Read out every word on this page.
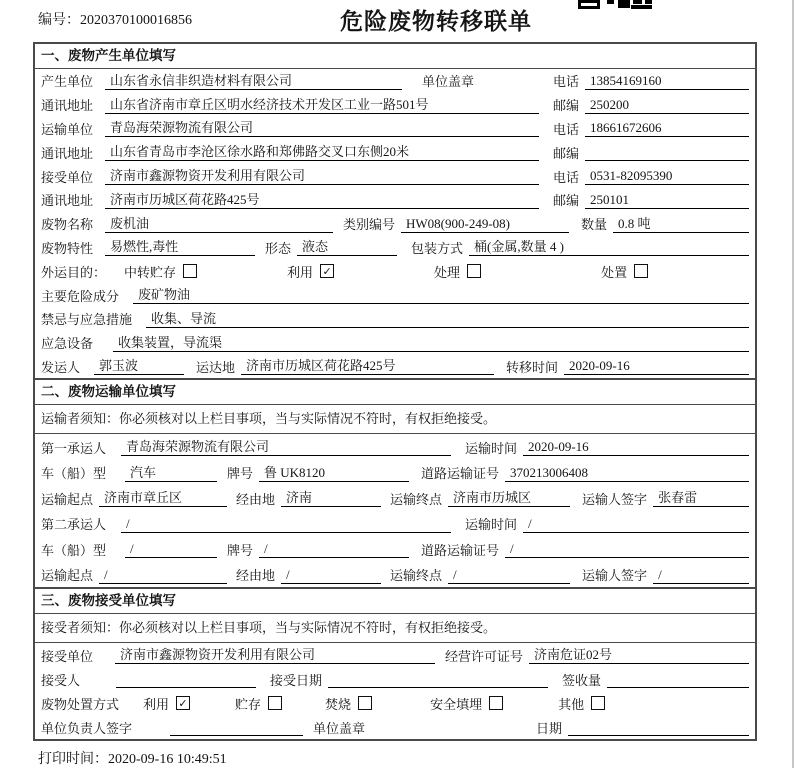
编号：2020370100016856	危险废物转移联单
一、废物产生单位填写
产生单位	山东省永信非织造材料有限公司	单位盖章	电话 13854169160
通讯地址	山东省济南市章丘区明水经济技术开发区工业一路501号	邮编 250200
运输单位	青岛海荣源物流有限公司	电话 18661672606
通讯地址	山东省青岛市李沧区徐水路和郑佛路交叉口东侧20米	邮编
接受单位	济南市鑫源物资开发利用有限公司	电话 0531-82095390
通讯地址	济南市历城区荷花路425号	邮编 250101
废物名称	废机油	类别编号 HW08(900-249-08)	数量 0.8 吨
废物特性	易燃性,毒性	形态 液态	包装方式 桶(金属,数量 4 )
外运目的： 中转贮存	利用 ✓	处理	处置
主要危险成分	废矿物油
禁忌与应急措施	收集、导流
应急设备	收集装置，导流渠
发运人	郭玉波	运达地 济南市历城区荷花路425号	转移时间 2020-09-16
二、废物运输单位填写
运输者须知：你必须核对以上栏目事项，当与实际情况不符时，有权拒绝接受。
第一承运人	青岛海荣源物流有限公司	运输时间 2020-09-16
车（船）型	汽车	牌号 鲁 UK8120	道路运输证号 370213006408
运输起点 济南市章丘区	经由地 济南	运输终点 济南市历城区	运输人签字 张春雷
第二承运人	/	运输时间 /
车（船）型	/	牌号 /	道路运输证号 /
运输起点 /	经由地 /	运输终点 /	运输人签字 /
三、废物接受单位填写
接受者须知：你必须核对以上栏目事项，当与实际情况不符时，有权拒绝接受。
接受单位	济南市鑫源物资开发利用有限公司	经营许可证号 济南危证02号
接受人	接受日期	签收量
废物处置方式 利用 ✓	贮存	焚烧	安全填埋	其他
单位负责人签字	单位盖章	日期
打印时间：2020-09-16 10:49:51
